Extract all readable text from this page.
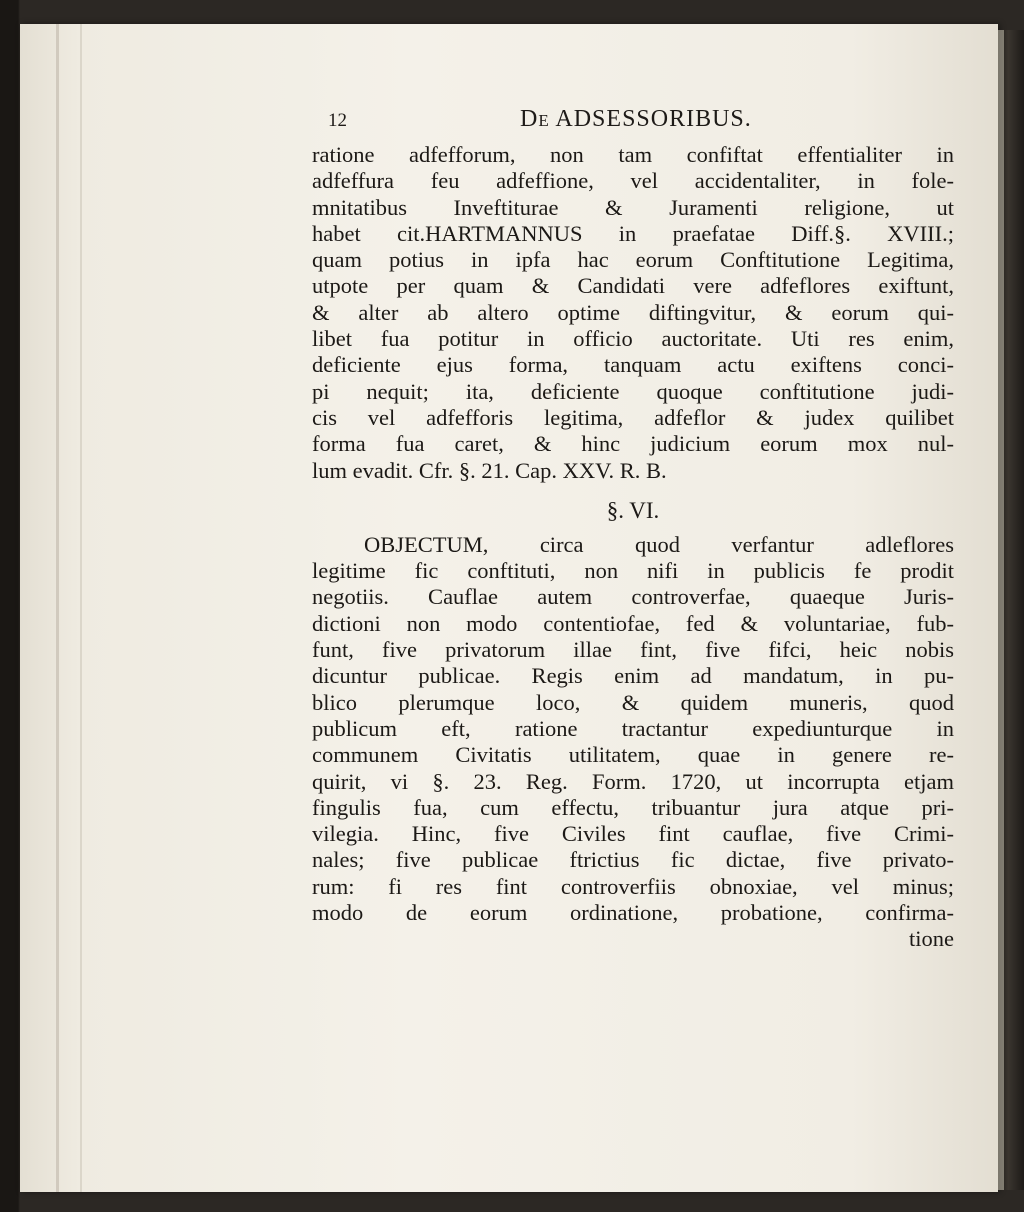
12	De ADSESSORIBUS.

ratione adfefforum, non tam confiftat effentialiter in
adfeffura feu adfeffione, vel accidentaliter, in fole-
mnitatibus Inveftiturae & Juramenti religione, ut
habet cit.HARTMANNUS in praefatae Diff.§. XVIII.;
quam potius in ipfa hac eorum Conftitutione Legitima,
utpote per quam & Candidati vere adfeflores exiftunt,
& alter ab altero optime diftingvitur, & eorum qui-
libet fua potitur in officio auctoritate. Uti res enim,
deficiente ejus forma, tanquam actu exiftens conci-
pi nequit; ita, deficiente quoque conftitutione judi-
cis vel adfefforis legitima, adfeflor & judex quilibet
forma fua caret, & hinc judicium eorum mox nul-
lum evadit. Cfr. §. 21. Cap. XXV. R. B.
§. VI.
OBJECTUM, circa quod verfantur adleflores
legitime fic conftituti, non nifi in publicis fe prodit
negotiis. Cauflae autem controverfae, quaeque Juris-
dictioni non modo contentiofae, fed & voluntariae, fub-
funt, five privatorum illae fint, five fifci, heic nobis
dicuntur publicae. Regis enim ad mandatum, in pu-
blico plerumque loco, & quidem muneris, quod
publicum eft, ratione tractantur expediunturque in
communem Civitatis utilitatem, quae in genere re-
quirit, vi §. 23. Reg. Form. 1720, ut incorrupta etjam
fingulis fua, cum effectu, tribuantur jura atque pri-
vilegia. Hinc, five Civiles fint cauflae, five Crimi-
nales; five publicae ftrictius fic dictae, five privato-
rum: fi res fint controverfiis obnoxiae, vel minus;
modo de eorum ordinatione, probatione, confirma-
tione
